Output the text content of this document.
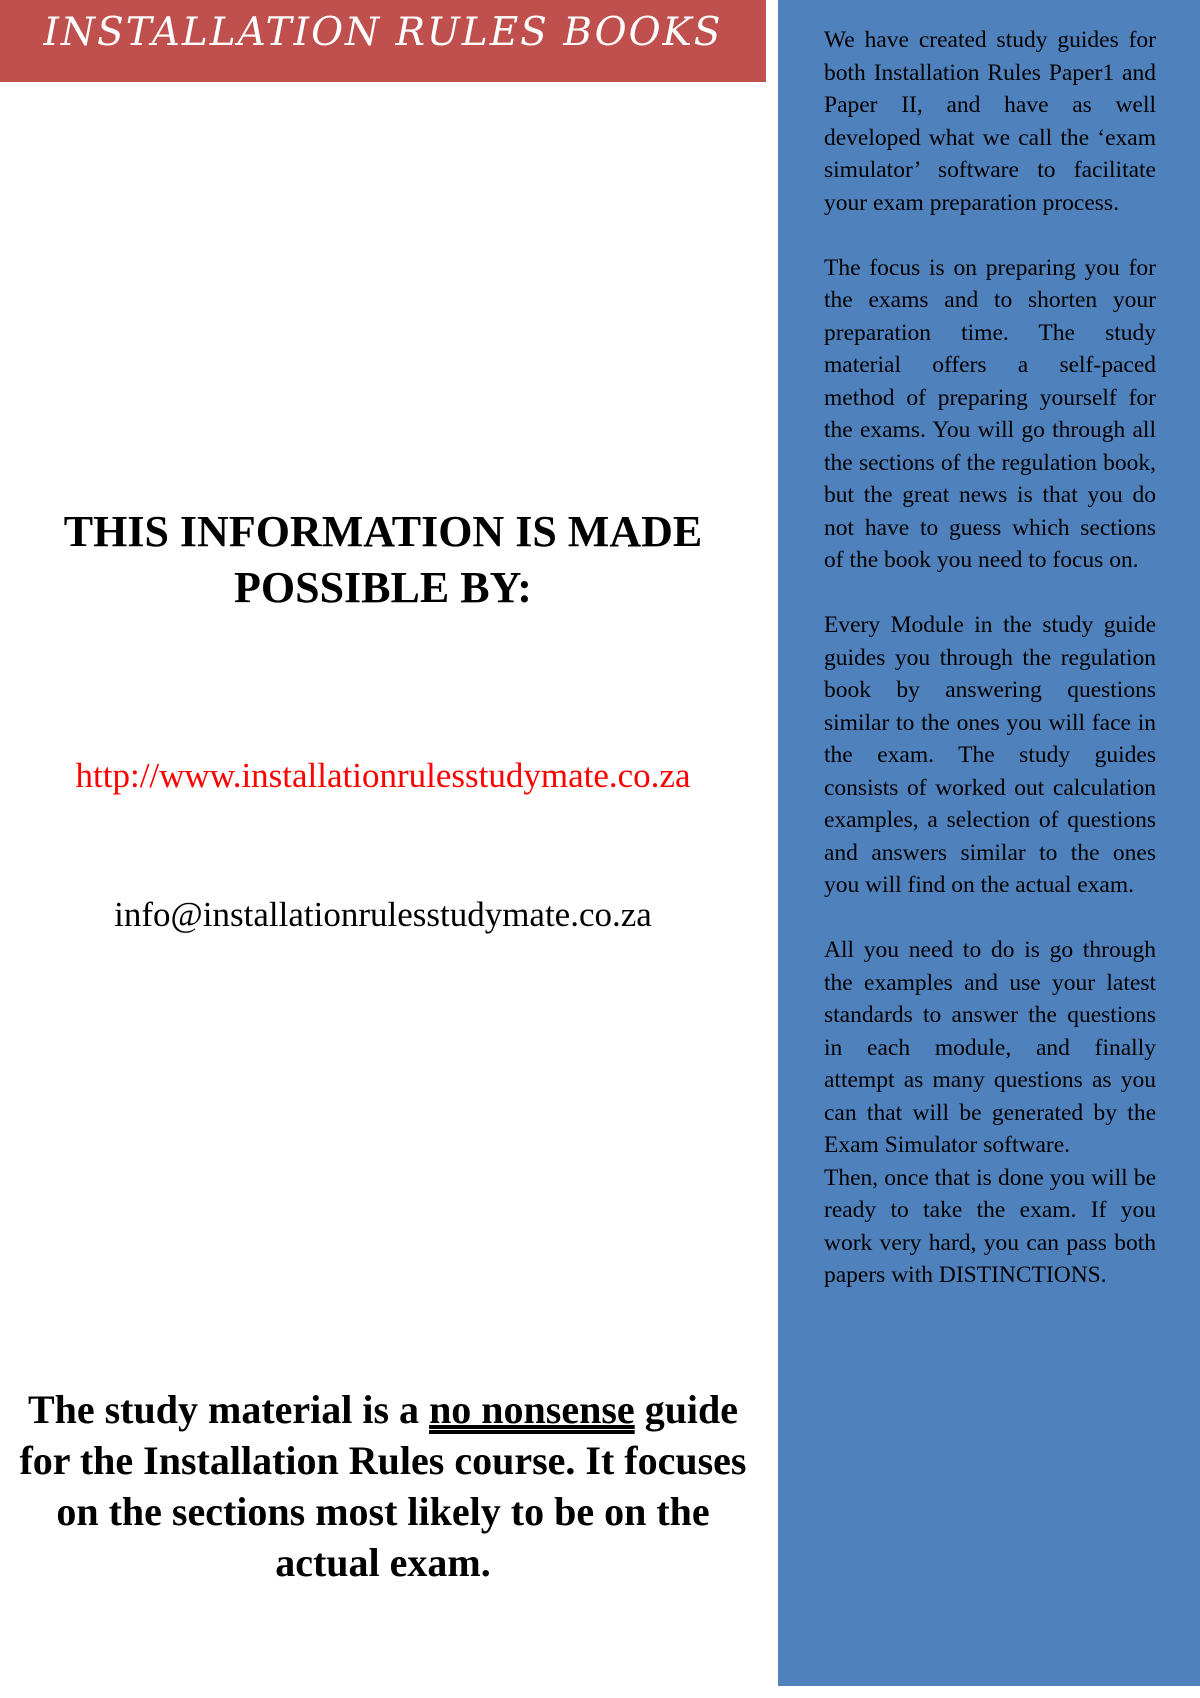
INSTALLATION RULES BOOKS
THIS INFORMATION IS MADE
POSSIBLE BY:
http://www.installationrulesstudymate.co.za
info@installationrulesstudymate.co.za
The study material is a no nonsense guide for the Installation Rules course. It focuses on the sections most likely to be on the actual exam.

We have created study guides for both Installation Rules Paper1 and Paper II, and have as well developed what we call the ‘exam simulator’ software to facilitate your exam preparation process.

The focus is on preparing you for the exams and to shorten your preparation time. The study material offers a self-paced method of preparing yourself for the exams. You will go through all the sections of the regulation book, but the great news is that you do not have to guess which sections of the book you need to focus on.

Every Module in the study guide guides you through the regulation book by answering questions similar to the ones you will face in the exam. The study guides consists of worked out calculation examples, a selection of questions and answers similar to the ones you will find on the actual exam.

All you need to do is go through the examples and use your latest standards to answer the questions in each module, and finally attempt as many questions as you can that will be generated by the Exam Simulator software.

Then, once that is done you will be ready to take the exam. If you work very hard, you can pass both papers with DISTINCTIONS.
